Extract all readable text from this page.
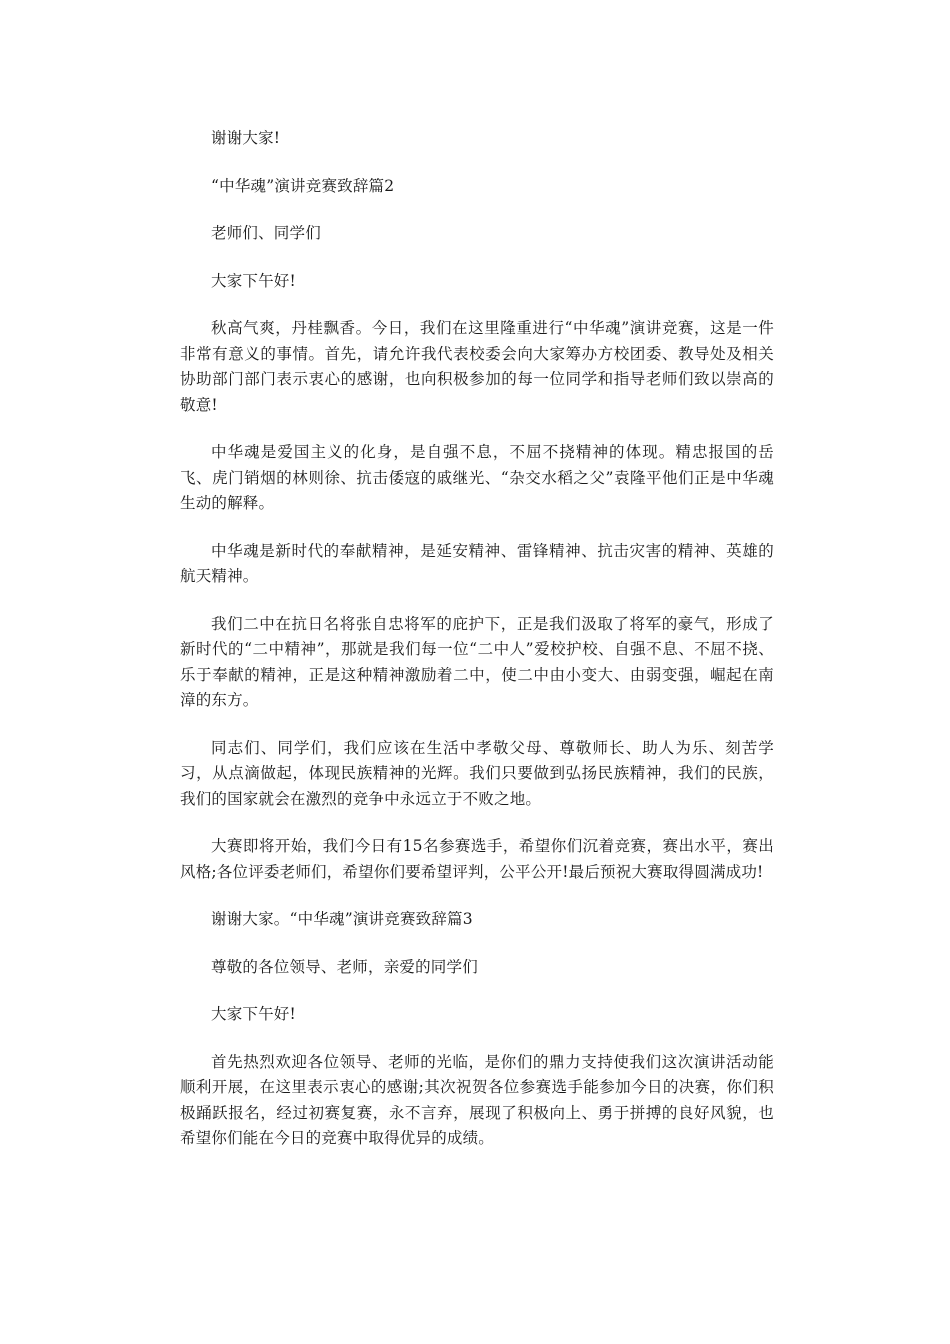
谢谢大家!

“中华魂”演讲竞赛致辞篇2

老师们、同学们

大家下午好!

秋高气爽，丹桂飘香。今日，我们在这里隆重进行“中华魂”演讲竞赛，这是一件非常有意义的事情。首先，请允许我代表校委会向大家筹办方校团委、教导处及相关协助部门部门表示衷心的感谢，也向积极参加的每一位同学和指导老师们致以崇高的敬意!

中华魂是爱国主义的化身，是自强不息，不屈不挠精神的体现。精忠报国的岳飞、虎门销烟的林则徐、抗击倭寇的戚继光、“杂交水稻之父”袁隆平他们正是中华魂生动的解释。

中华魂是新时代的奉献精神，是延安精神、雷锋精神、抗击灾害的精神、英雄的航天精神。

我们二中在抗日名将张自忠将军的庇护下，正是我们汲取了将军的豪气，形成了新时代的“二中精神”，那就是我们每一位“二中人”爱校护校、自强不息、不屈不挠、乐于奉献的精神，正是这种精神激励着二中，使二中由小变大、由弱变强，崛起在南漳的东方。

同志们、同学们，我们应该在生活中孝敬父母、尊敬师长、助人为乐、刻苦学习，从点滴做起，体现民族精神的光辉。我们只要做到弘扬民族精神，我们的民族，我们的国家就会在激烈的竞争中永远立于不败之地。

大赛即将开始，我们今日有15名参赛选手，希望你们沉着竞赛，赛出水平，赛出风格;各位评委老师们，希望你们要希望评判，公平公开!最后预祝大赛取得圆满成功!

谢谢大家。“中华魂”演讲竞赛致辞篇3

尊敬的各位领导、老师，亲爱的同学们

大家下午好!

首先热烈欢迎各位领导、老师的光临，是你们的鼎力支持使我们这次演讲活动能顺利开展，在这里表示衷心的感谢;其次祝贺各位参赛选手能参加今日的决赛，你们积极踊跃报名，经过初赛复赛，永不言弃，展现了积极向上、勇于拼搏的良好风貌，也希望你们能在今日的竞赛中取得优异的成绩。
